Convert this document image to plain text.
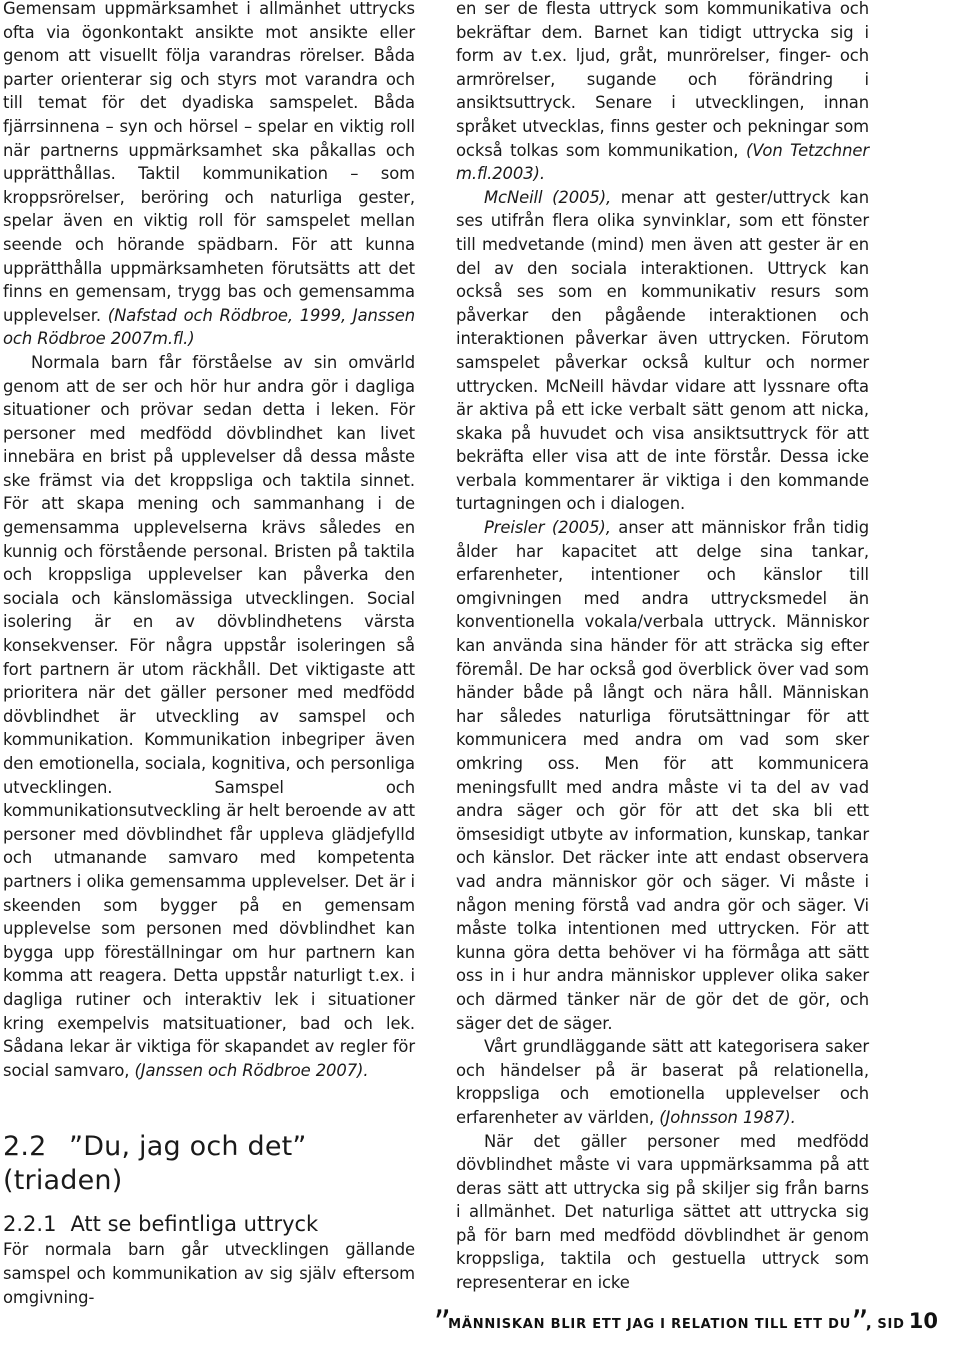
Gemensam uppmärksamhet i allmänhet uttrycks ofta via ögonkontakt ansikte mot ansikte eller genom att visuellt följa varandras rörelser. Båda parter orienterar sig och styrs mot varandra och till temat för det dyadiska samspelet. Båda fjärrsinnena – syn och hörsel – spelar en viktig roll när partnerns uppmärksamhet ska påkallas och upprätthållas. Taktil kommunikation – som kroppsrörelser, beröring och naturliga gester, spelar även en viktig roll för samspelet mellan seende och hörande spädbarn. För att kunna upprätthålla uppmärksamheten förutsätts att det finns en gemensam, trygg bas och gemensamma upplevelser. (Nafstad och Rödbroe, 1999, Janssen och Rödbroe 2007m.fl.)

Normala barn får förståelse av sin omvärld genom att de ser och hör hur andra gör i dagliga situationer och prövar sedan detta i leken. För personer med medfödd dövblindhet kan livet innebära en brist på upplevelser då dessa måste ske främst via det kroppsliga och taktila sinnet. För att skapa mening och sammanhang i de gemensamma upplevelserna krävs således en kunnig och förstående personal. Bristen på taktila och kroppsliga upplevelser kan påverka den sociala och känslomässiga utvecklingen. Social isolering är en av dövblindhetens värsta konsekvenser. För några uppstår isoleringen så fort partnern är utom räckhåll. Det viktigaste att prioritera när det gäller personer med medfödd dövblindhet är utveckling av samspel och kommunikation. Kommunikation inbegriper även den emotionella, sociala, kognitiva, och personliga utvecklingen. Samspel och kommunikationsutveckling är helt beroende av att personer med dövblindhet får uppleva glädjefylld och utmanande samvaro med kompetenta partners i olika gemensamma upplevelser. Det är i skeenden som bygger på en gemensam upplevelse som personen med dövblindhet kan bygga upp föreställningar om hur partnern kan komma att reagera. Detta uppstår naturligt t.ex. i dagliga rutiner och interaktiv lek i situationer kring exempelvis matsituationer, bad och lek. Sådana lekar är viktiga för skapandet av regler för social samvaro, (Janssen och Rödbroe 2007).

2.2 ”Du, jag och det” (triaden)
2.2.1 Att se befintliga uttryck

För normala barn går utvecklingen gällande samspel och kommunikation av sig själv eftersom omgivning-

en ser de flesta uttryck som kommunikativa och bekräftar dem. Barnet kan tidigt uttrycka sig i form av t.ex. ljud, gråt, munrörelser, finger- och armrörelser, sugande och förändring i ansiktsuttryck. Senare i utvecklingen, innan språket utvecklas, finns gester och pekningar som också tolkas som kommunikation, (Von Tetzchner m.fl.2003).

McNeill (2005), menar att gester/uttryck kan ses utifrån flera olika synvinklar, som ett fönster till medvetande (mind) men även att gester är en del av den sociala interaktionen. Uttryck kan också ses som en kommunikativ resurs som påverkar den pågående interaktionen och interaktionen påverkar även uttrycken. Förutom samspelet påverkar också kultur och normer uttrycken. McNeill hävdar vidare att lyssnare ofta är aktiva på ett icke verbalt sätt genom att nicka, skaka på huvudet och visa ansiktsuttryck för att bekräfta eller visa att de inte förstår. Dessa icke verbala kommentarer är viktiga i den kommande turtagningen och i dialogen.

Preisler (2005), anser att människor från tidig ålder har kapacitet att delge sina tankar, erfarenheter, intentioner och känslor till omgivningen med andra uttrycksmedel än konventionella vokala/verbala uttryck. Människor kan använda sina händer för att sträcka sig efter föremål. De har också god överblick över vad som händer både på långt och nära håll. Människan har således naturliga förutsättningar för att kommunicera med andra om vad som sker omkring oss. Men för att kommunicera meningsfullt med andra måste vi ta del av vad andra säger och gör för att det ska bli ett ömsesidigt utbyte av information, kunskap, tankar och känslor. Det räcker inte att endast observera vad andra människor gör och säger. Vi måste i någon mening förstå vad andra gör och säger. Vi måste tolka intentionen med uttrycken. För att kunna göra detta behöver vi ha förmåga att sätt oss in i hur andra människor upplever olika saker och därmed tänker när de gör det de gör, och säger det de säger.

Vårt grundläggande sätt att kategorisera saker och händelser på är baserat på relationella, kroppsliga och emotionella upplevelser och erfarenheter av världen, (Johnsson 1987).

När det gäller personer med medfödd dövblindhet måste vi vara uppmärksamma på att deras sätt att uttrycka sig på skiljer sig från barns i allmänhet. Det naturliga sättet att uttrycka sig på för barn med medfödd dövblindhet är genom kroppsliga, taktila och gestuella uttryck som representerar en icke

”MÄNNISKAN BLIR ETT JAG I RELATION TILL ETT DU”, SID 10
